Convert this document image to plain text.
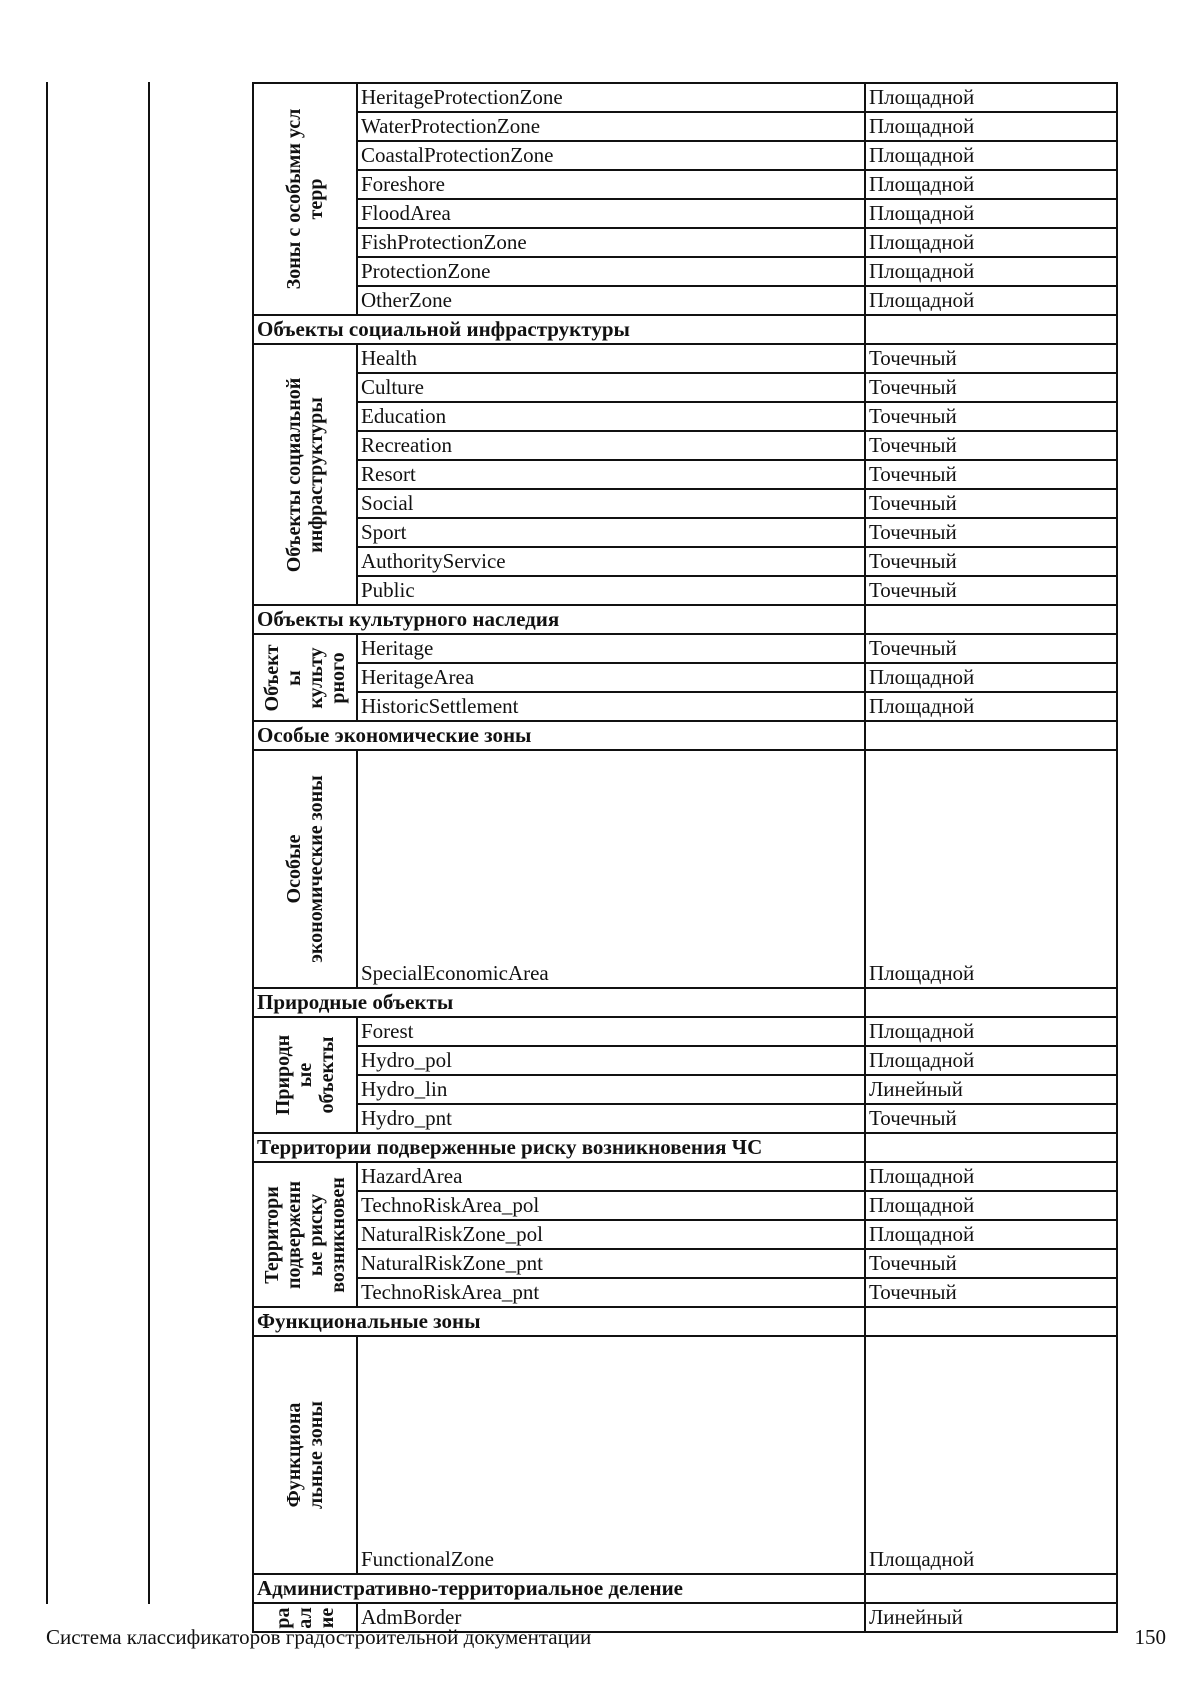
Зоны с особыми усл
терр	HeritageProtectionZone	Площадной
	WaterProtectionZone	Площадной
	CoastalProtectionZone	Площадной
	Foreshore	Площадной
	FloodArea	Площадной
	FishProtectionZone	Площадной
	ProtectionZone	Площадной
	OtherZone	Площадной
Объекты социальной инфраструктуры		

Объекты социальной
инфраструктуры	Health	Точечный
	Culture	Точечный
	Education	Точечный
	Recreation	Точечный
	Resort	Точечный
	Social	Точечный
	Sport	Точечный
	AuthorityService	Точечный
	Public	Точечный
Объекты культурного наследия		

Объект
ы
культу
рного	Heritage	Точечный
	HeritageArea	Площадной
	HistoricSettlement	Площадной
Особые экономические зоны		

Особые
экономические зоны	SpecialEconomicArea	Площадной
Природные объекты		

Природн
ые
объекты	Forest	Площадной
	Hydro_pol	Площадной
	Hydro_lin	Линейный
	Hydro_pnt	Точечный
Территории подверженные риску возникновения ЧС		

Территори
подверженн
ые риску
возникновен	HazardArea	Площадной
	TechnoRiskArea_pol	Площадной
	NaturalRiskZone_pol	Площадной
	NaturalRiskZone_pnt	Точечный
	TechnoRiskArea_pnt	Точечный
Функциональные зоны		

Функциона
льные зоны	FunctionalZone	Площадной
Административно-территориальное деление		

ра
ал
ие	AdmBorder	Линейный
Система классификаторов градостроительной документации	150
